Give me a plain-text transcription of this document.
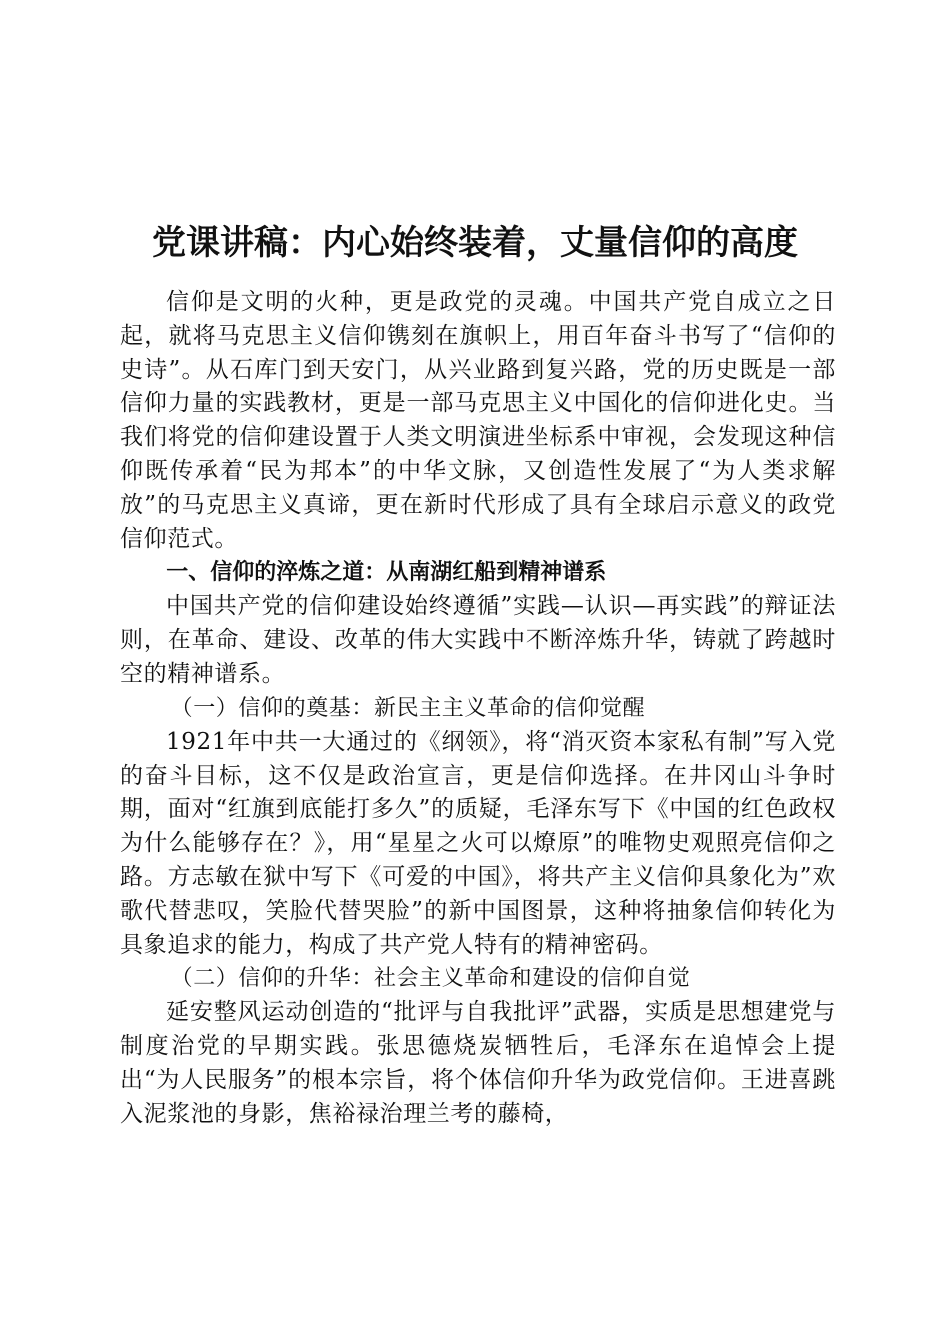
党课讲稿：内心始终装着，丈量信仰的高度

信仰是文明的火种，更是政党的灵魂。中国共产党自成立之日起，就将马克思主义信仰镌刻在旗帜上，用百年奋斗书写了“信仰的史诗”。从石库门到天安门，从兴业路到复兴路，党的历史既是一部信仰力量的实践教材，更是一部马克思主义中国化的信仰进化史。当我们将党的信仰建设置于人类文明演进坐标系中审视，会发现这种信仰既传承着“民为邦本”的中华文脉，又创造性发展了“为人类求解放”的马克思主义真谛，更在新时代形成了具有全球启示意义的政党信仰范式。

一、信仰的淬炼之道：从南湖红船到精神谱系

中国共产党的信仰建设始终遵循”实践—认识—再实践”的辩证法则，在革命、建设、改革的伟大实践中不断淬炼升华，铸就了跨越时空的精神谱系。

（一）信仰的奠基：新民主主义革命的信仰觉醒

1921年中共一大通过的《纲领》，将“消灭资本家私有制”写入党的奋斗目标，这不仅是政治宣言，更是信仰选择。在井冈山斗争时期，面对“红旗到底能打多久”的质疑，毛泽东写下《中国的红色政权为什么能够存在？》，用“星星之火可以燎原”的唯物史观照亮信仰之路。方志敏在狱中写下《可爱的中国》，将共产主义信仰具象化为”欢歌代替悲叹，笑脸代替哭脸”的新中国图景，这种将抽象信仰转化为具象追求的能力，构成了共产党人特有的精神密码。

（二）信仰的升华：社会主义革命和建设的信仰自觉

延安整风运动创造的“批评与自我批评”武器，实质是思想建党与制度治党的早期实践。张思德烧炭牺牲后，毛泽东在追悼会上提出“为人民服务”的根本宗旨，将个体信仰升华为政党信仰。王进喜跳入泥浆池的身影，焦裕禄治理兰考的藤椅，
